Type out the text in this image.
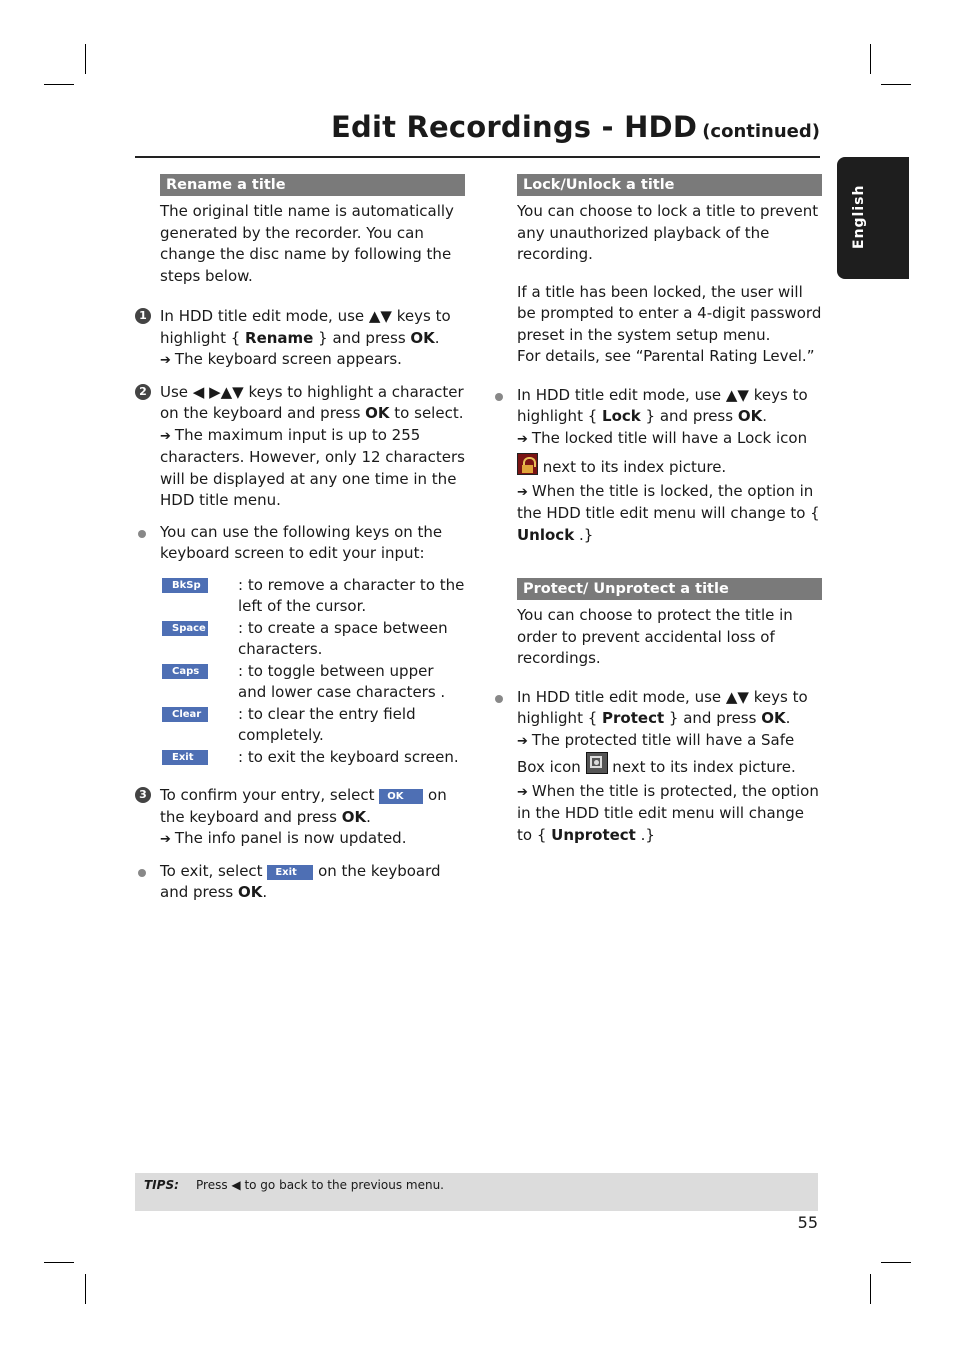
Edit Recordings - HDD (continued)
English
Rename a title
The original title name is automatically generated by the recorder. You can change the disc name by following the steps below.
1 In HDD title edit mode, use ▲▼ keys to highlight { Rename } and press OK.
➔ The keyboard screen appears.
2 Use ◀ ▶▲▼ keys to highlight a character on the keyboard and press OK to select.
➔ The maximum input is up to 255 characters. However, only 12 characters will be displayed at any one time in the HDD title menu.
You can use the following keys on the keyboard screen to edit your input:
BkSp	: to remove a character to the left of the cursor.
Space : to create a space between characters.
Caps	: to toggle between upper and lower case characters .
Clear	: to clear the entry field completely.
Exit	: to exit the keyboard screen.
3 To confirm your entry, select OK on the keyboard and press OK.
➔ The info panel is now updated.
To exit, select Exit on the keyboard and press OK.
Lock/Unlock a title
You can choose to lock a title to prevent any unauthorized playback of the recording.
If a title has been locked, the user will be prompted to enter a 4-digit password preset in the system setup menu.
For details, see “Parental Rating Level.”
In HDD title edit mode, use ▲▼ keys to highlight { Lock } and press OK.
➔ The locked title will have a Lock icon
next to its index picture.
➔ When the title is locked, the option in the HDD title edit menu will change to { Unlock .}
Protect/ Unprotect a title
You can choose to protect the title in order to prevent accidental loss of recordings.
In HDD title edit mode, use ▲▼ keys to highlight { Protect } and press OK.
➔ The protected title will have a Safe Box icon  next to its index picture.
➔ When the title is protected, the option in the HDD title edit menu will change to { Unprotect .}
TIPS: Press ◀ to go back to the previous menu.
55
